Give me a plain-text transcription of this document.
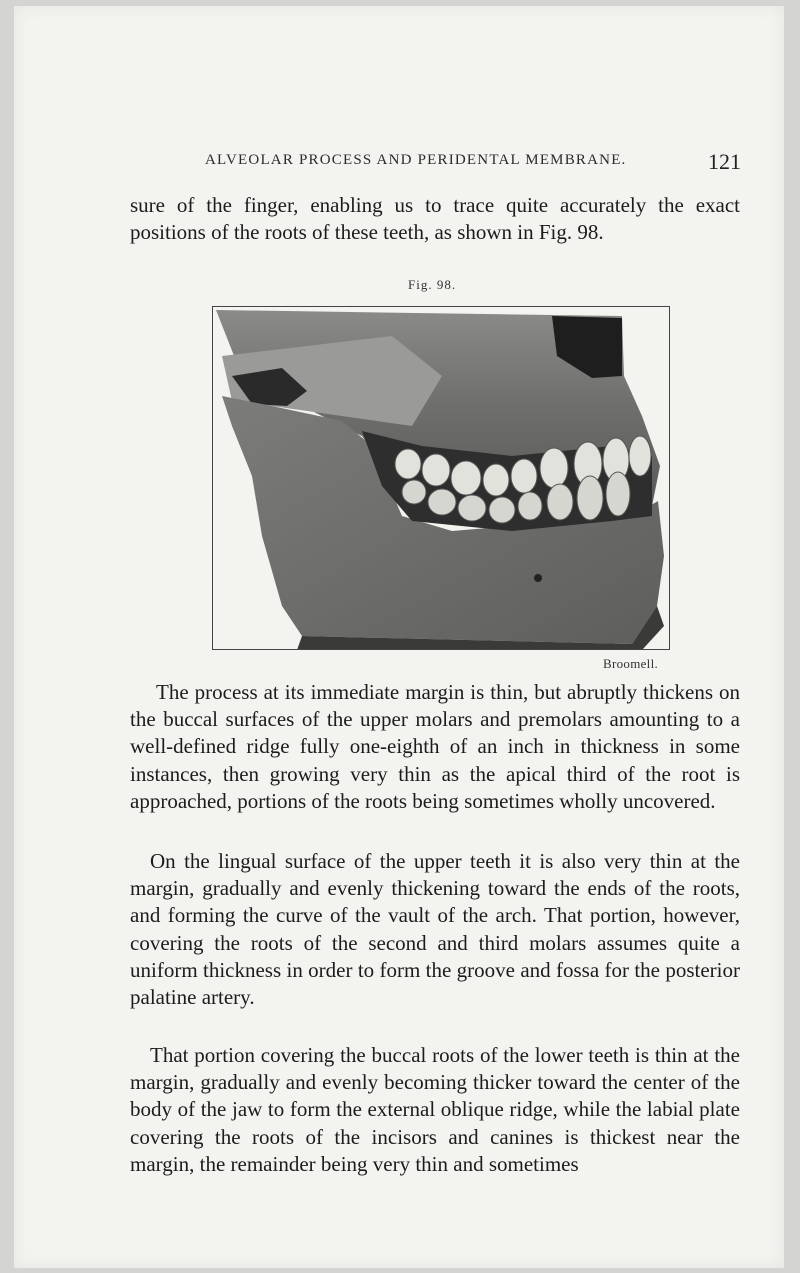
ALVEOLAR PROCESS AND PERIDENTAL MEMBRANE.	121

sure of the finger, enabling us to trace quite accurately the exact positions of the roots of these teeth, as shown in Fig. 98.

Fig. 98.
Broomell.

The process at its immediate margin is thin, but abruptly thickens on the buccal surfaces of the upper molars and premolars amounting to a well-defined ridge fully one-eighth of an inch in thickness in some instances, then growing very thin as the apical third of the root is approached, portions of the roots being sometimes wholly uncovered.

On the lingual surface of the upper teeth it is also very thin at the margin, gradually and evenly thickening toward the ends of the roots, and forming the curve of the vault of the arch. That portion, however, covering the roots of the second and third molars assumes quite a uniform thickness in order to form the groove and fossa for the posterior palatine artery.

That portion covering the buccal roots of the lower teeth is thin at the margin, gradually and evenly becoming thicker toward the center of the body of the jaw to form the external oblique ridge, while the labial plate covering the roots of the incisors and canines is thickest near the margin, the remainder being very thin and sometimes
